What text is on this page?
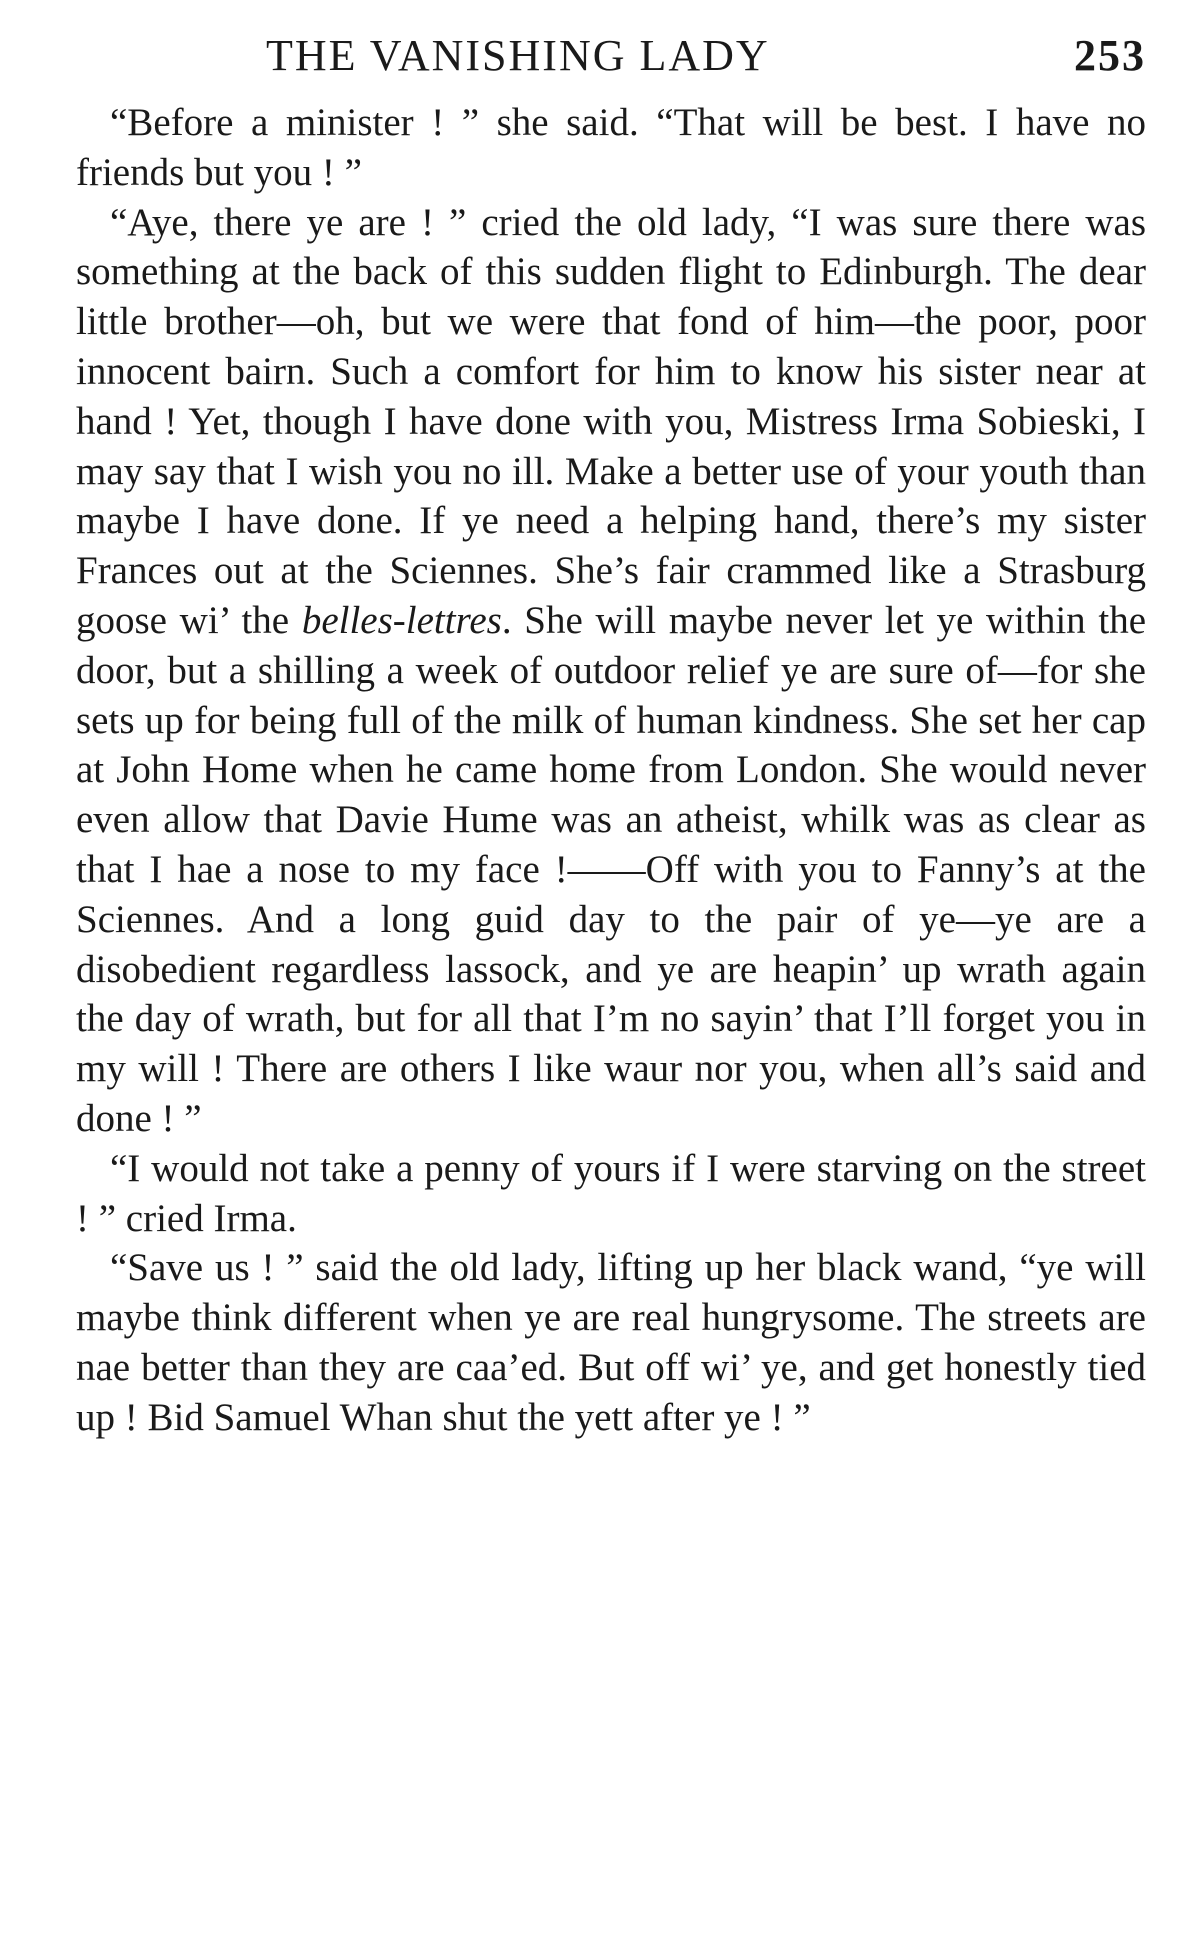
THE VANISHING LADY	253

“Before a minister ! ” she said. “That will be best. I have no friends but you ! ”

“Aye, there ye are ! ” cried the old lady, “I was sure there was something at the back of this sudden flight to Edinburgh. The dear little brother—oh, but we were that fond of him—the poor, poor innocent bairn. Such a comfort for him to know his sister near at hand ! Yet, though I have done with you, Mistress Irma Sobieski, I may say that I wish you no ill. Make a better use of your youth than maybe I have done. If ye need a helping hand, there’s my sister Frances out at the Sciennes. She’s fair crammed like a Strasburg goose wi’ the belles-lettres. She will maybe never let ye within the door, but a shilling a week of outdoor relief ye are sure of—for she sets up for being full of the milk of human kindness. She set her cap at John Home when he came home from London. She would never even allow that Davie Hume was an atheist, whilk was as clear as that I hae a nose to my face !——Off with you to Fanny’s at the Sciennes. And a long guid day to the pair of ye—ye are a disobedient regardless lassock, and ye are heapin’ up wrath again the day of wrath, but for all that I’m no sayin’ that I’ll forget you in my will ! There are others I like waur nor you, when all’s said and done ! ”

“I would not take a penny of yours if I were starving on the street ! ” cried Irma.

“Save us ! ” said the old lady, lifting up her black wand, “ye will maybe think different when ye are real hungrysome. The streets are nae better than they are caa’ed. But off wi’ ye, and get honestly tied up ! Bid Samuel Whan shut the yett after ye ! ”
